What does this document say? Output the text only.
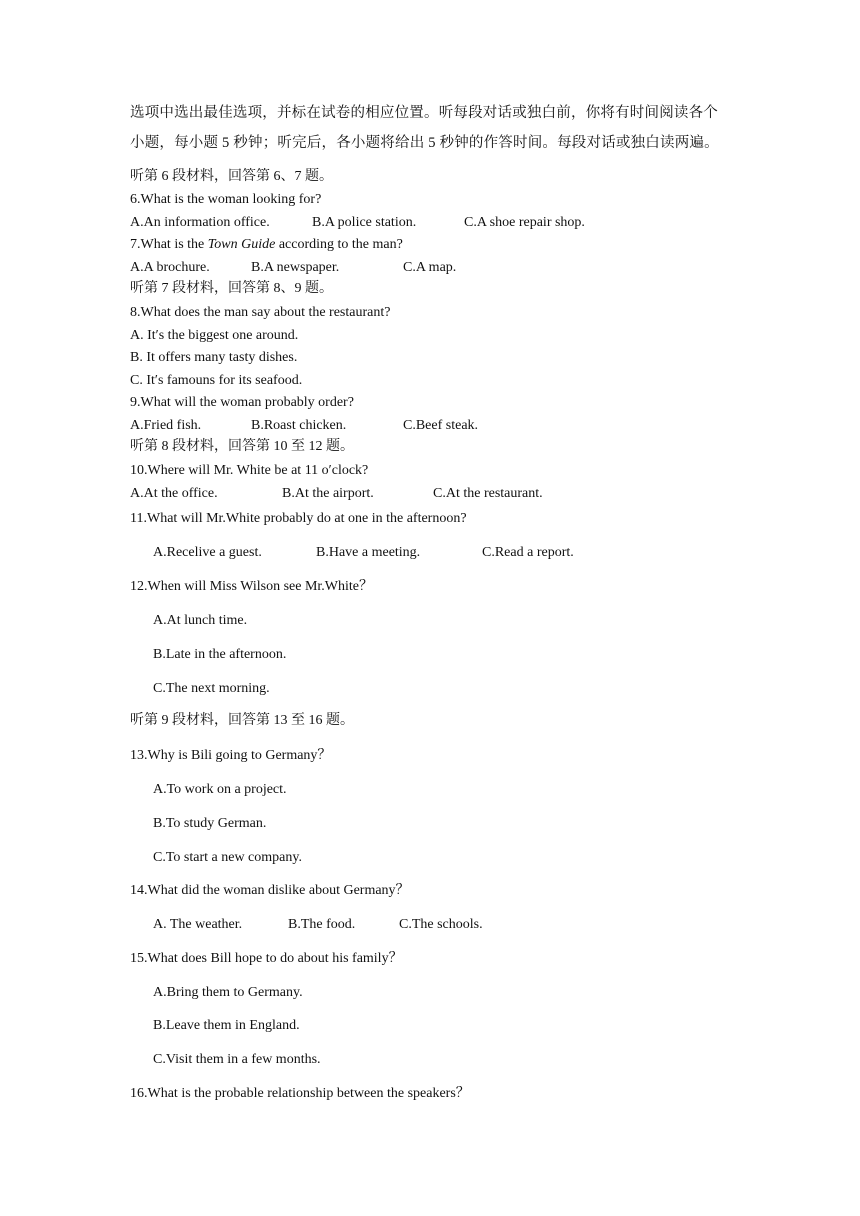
选项中选出最佳选项，并标在试卷的相应位置。听每段对话或独白前，你将有时间阅读各个
小题，每小题 5 秒钟；听完后，各小题将给出 5 秒钟的作答时间。每段对话或独白读两遍。
听第 6 段材料，回答第 6、7 题。
6.What is the woman looking for?
A.An information office.	B.A police station.	C.A shoe repair shop.
7.What is the Town Guide according to the man?
A.A brochure.	B.A newspaper.	C.A map.
听第 7 段材料，回答第 8、9 题。
8.What does the man say about the restaurant?
A. It′s the biggest one around.
B. It offers many tasty dishes.
C. It′s famouns for its seafood.
9.What will the woman probably order?
A.Fried fish.	B.Roast chicken.	C.Beef steak.
听第 8 段材料，回答第 10 至 12 题。
10.Where will Mr. White be at 11 o′clock?
A.At the office.	B.At the airport.	C.At the restaurant.
11.What will Mr.White probably do at one in the afternoon?
A.Recelive a guest.	B.Have a meeting.	C.Read a report.
12.When will Miss Wilson see Mr.White？
A.At lunch time.
B.Late in the afternoon.
C.The next morning.
听第 9 段材料，回答第 13 至 16 题。
13.Why is Bili going to Germany？
A.To work on a project.
B.To study German.
C.To start a new company.
14.What did the woman dislike about Germany？
A. The weather.	B.The food.	C.The schools.
15.What does Bill hope to do about his family？
A.Bring them to Germany.
B.Leave them in England.
C.Visit them in a few months.
16.What is the probable relationship between the speakers？
